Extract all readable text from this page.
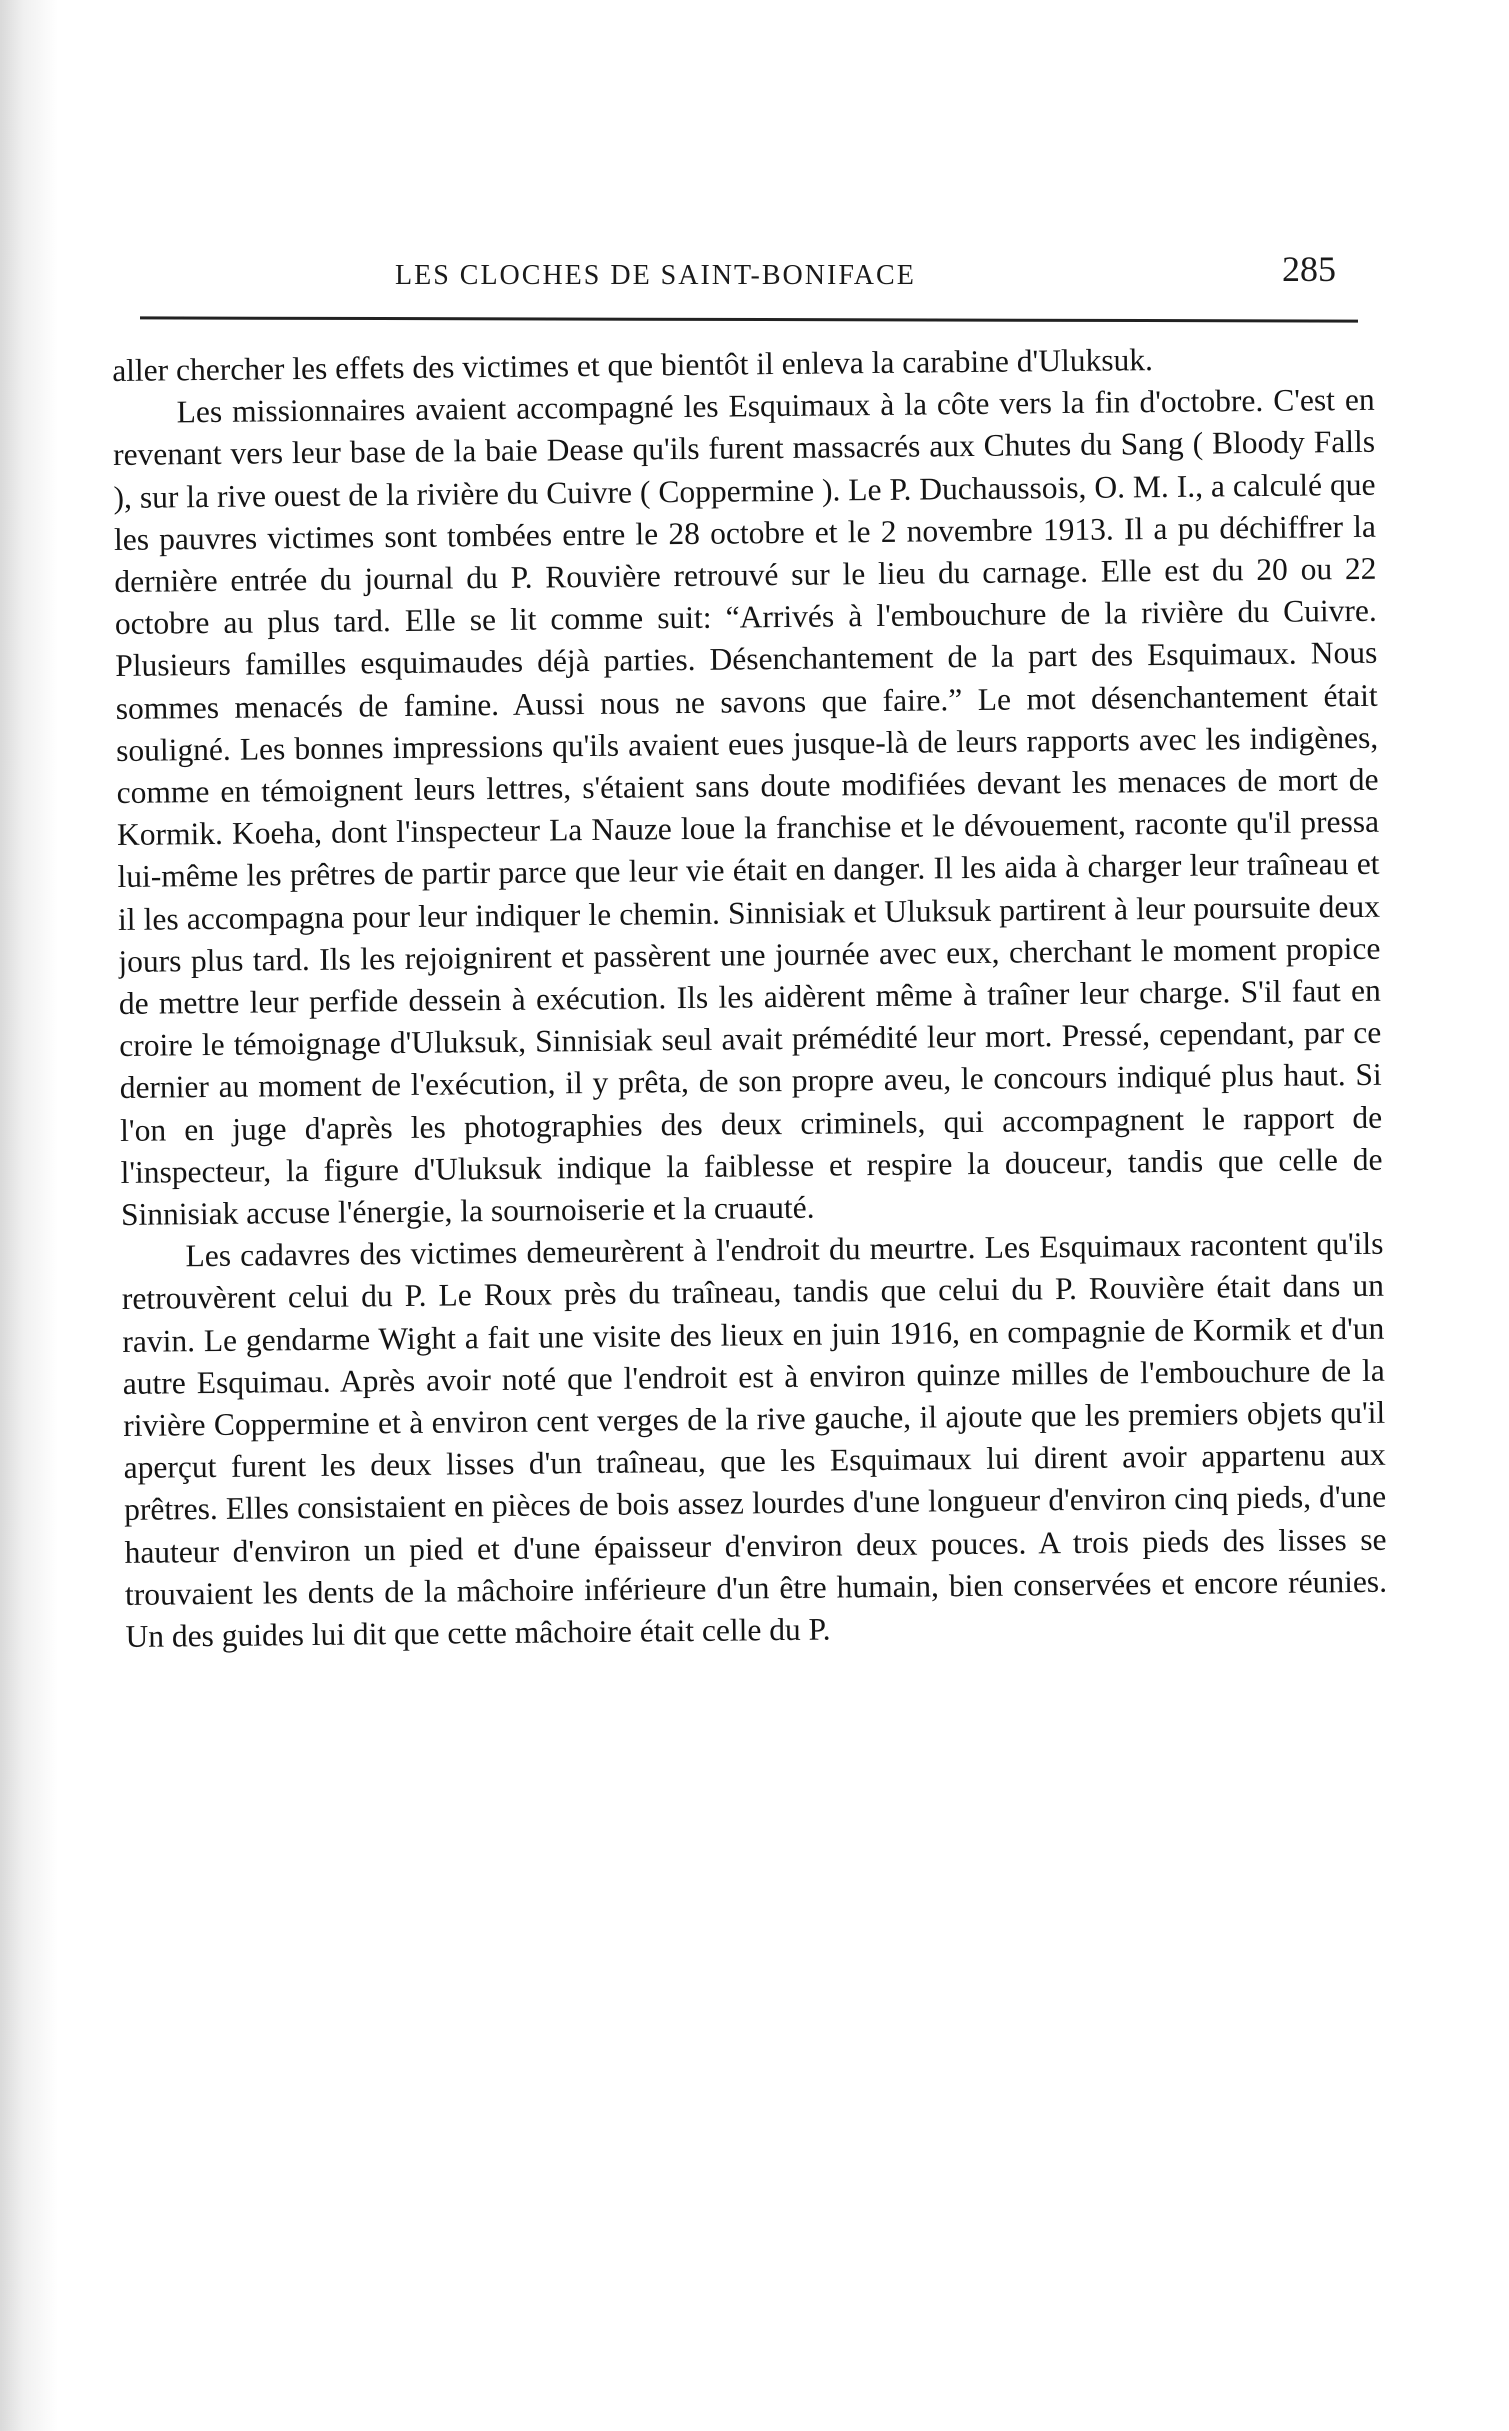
LES CLOCHES DE SAINT-BONIFACE	285

aller chercher les effets des victimes et que bientôt il enleva la carabine d'Uluksuk.

Les missionnaires avaient accompagné les Esquimaux à la côte vers la fin d'octobre. C'est en revenant vers leur base de la baie Dease qu'ils furent massacrés aux Chutes du Sang ( Bloody Falls ), sur la rive ouest de la rivière du Cuivre ( Coppermine ). Le P. Duchaussois, O. M. I., a calculé que les pauvres victimes sont tombées entre le 28 octobre et le 2 novembre 1913. Il a pu déchiffrer la dernière entrée du journal du P. Rouvière retrouvé sur le lieu du carnage. Elle est du 20 ou 22 octobre au plus tard. Elle se lit comme suit: “Arrivés à l'embouchure de la rivière du Cuivre. Plusieurs familles esquimaudes déjà parties. Désenchantement de la part des Esquimaux. Nous sommes menacés de famine. Aussi nous ne savons que faire.” Le mot désenchantement était souligné. Les bonnes impressions qu'ils avaient eues jusque-là de leurs rapports avec les indigènes, comme en témoignent leurs lettres, s'étaient sans doute modifiées devant les menaces de mort de Kormik. Koeha, dont l'inspecteur La Nauze loue la franchise et le dévouement, raconte qu'il pressa lui-même les prêtres de partir parce que leur vie était en danger. Il les aida à charger leur traîneau et il les accompagna pour leur indiquer le chemin. Sinnisiak et Uluksuk partirent à leur poursuite deux jours plus tard. Ils les rejoignirent et passèrent une journée avec eux, cherchant le moment propice de mettre leur perfide dessein à exécution. Ils les aidèrent même à traîner leur charge. S'il faut en croire le témoignage d'Uluksuk, Sinnisiak seul avait prémédité leur mort. Pressé, cependant, par ce dernier au moment de l'exécution, il y prêta, de son propre aveu, le concours indiqué plus haut. Si l'on en juge d'après les photographies des deux criminels, qui accompagnent le rapport de l'inspecteur, la figure d'Uluksuk indique la faiblesse et respire la douceur, tandis que celle de Sinnisiak accuse l'énergie, la sournoiserie et la cruauté.

Les cadavres des victimes demeurèrent à l'endroit du meurtre. Les Esquimaux racontent qu'ils retrouvèrent celui du P. Le Roux près du traîneau, tandis que celui du P. Rouvière était dans un ravin. Le gendarme Wight a fait une visite des lieux en juin 1916, en compagnie de Kormik et d'un autre Esquimau. Après avoir noté que l'endroit est à environ quinze milles de l'embouchure de la rivière Coppermine et à environ cent verges de la rive gauche, il ajoute que les premiers objets qu'il aperçut furent les deux lisses d'un traîneau, que les Esquimaux lui dirent avoir appartenu aux prêtres. Elles consistaient en pièces de bois assez lourdes d'une longueur d'environ cinq pieds, d'une hauteur d'environ un pied et d'une épaisseur d'environ deux pouces. A trois pieds des lisses se trouvaient les dents de la mâchoire inférieure d'un être humain, bien conservées et encore réunies. Un des guides lui dit que cette mâchoire était celle du P.
